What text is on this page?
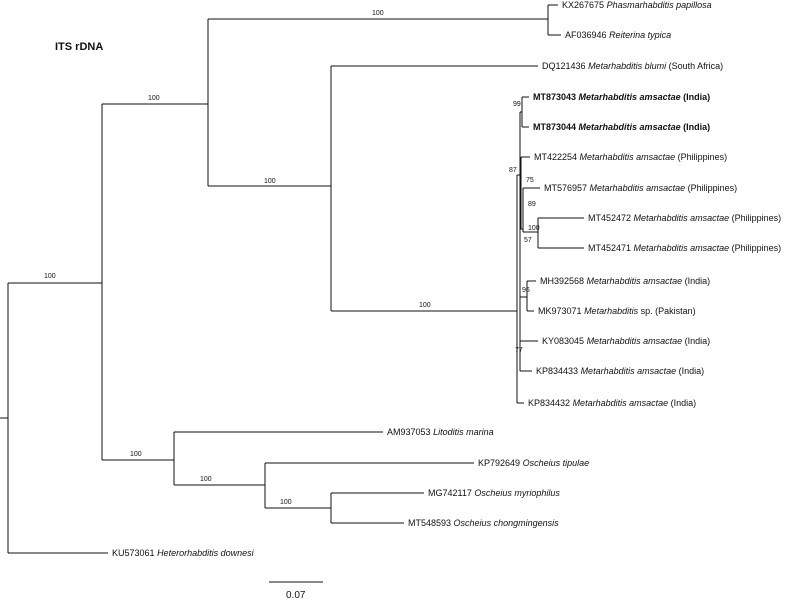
ITS rDNA
100
100
100
100
100
87
99
75
89
100
57
96
77
100
100
100
KX267675 Phasmarhabditis papillosa
AF036946 Reiterina typica
DQ121436 Metarhabditis blumi (South Africa)
MT873043 Metarhabditis amsactae (India)
MT873044 Metarhabditis amsactae (India)
MT422254 Metarhabditis amsactae (Philippines)
MT576957 Metarhabditis amsactae (Philippines)
MT452472 Metarhabditis amsactae (Philippines)
MT452471 Metarhabditis amsactae (Philippines)
MH392568 Metarhabditis amsactae (India)
MK973071 Metarhabditis sp. (Pakistan)
KY083045 Metarhabditis amsactae (India)
KP834433 Metarhabditis amsactae (India)
KP834432 Metarhabditis amsactae (India)
AM937053 Litoditis marina
KP792649 Oscheius tipulae
MG742117 Oscheius myriophilus
MT548593 Oscheius chongmingensis
KU573061 Heterorhabditis downesi
0.07
